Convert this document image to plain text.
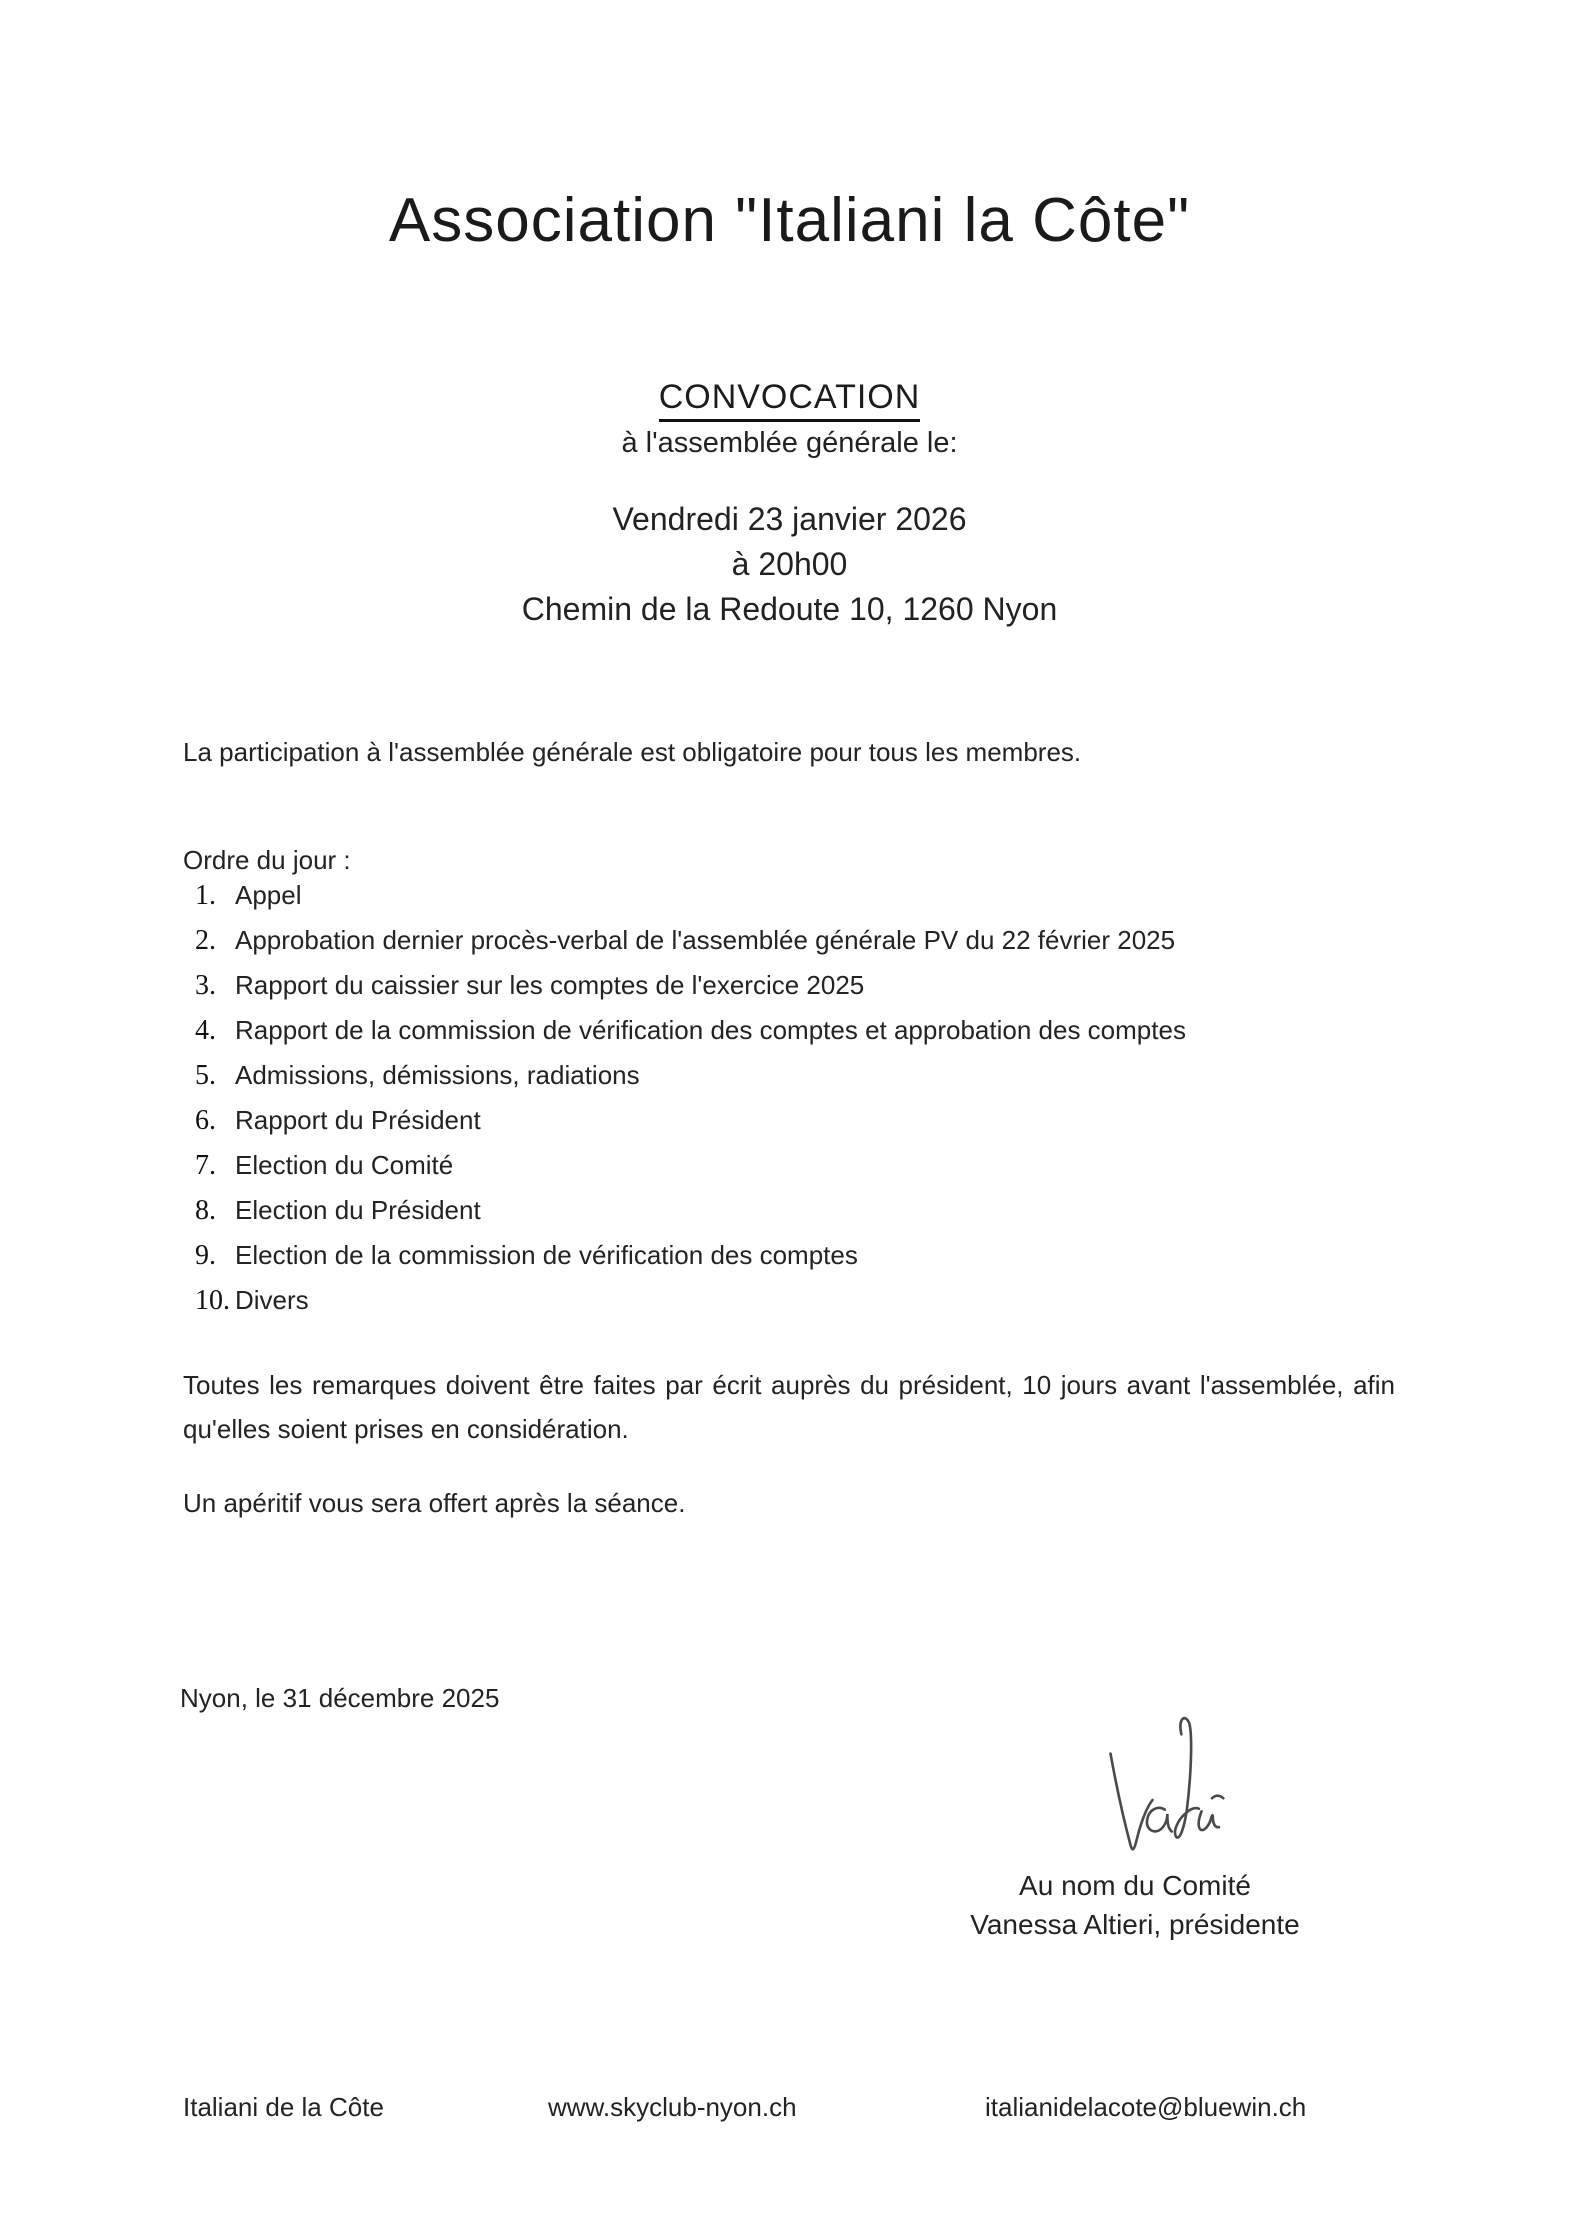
Association "Italiani la Côte"
CONVOCATION
à l'assemblée générale le:
Vendredi 23 janvier 2026
à 20h00
Chemin de la Redoute 10, 1260 Nyon
La participation à l'assemblée générale est obligatoire pour tous les membres.
Ordre du jour :
1. Appel
2. Approbation dernier procès-verbal de l'assemblée générale PV du 22 février 2025
3. Rapport du caissier sur les comptes de l'exercice 2025
4. Rapport de la commission de vérification des comptes et approbation des comptes
5. Admissions, démissions, radiations
6. Rapport du Président
7. Election du Comité
8. Election du Président
9. Election de la commission de vérification des comptes
10. Divers
Toutes les remarques doivent être faites par écrit auprès du président, 10 jours avant l'assemblée, afin qu'elles soient prises en considération.
Un apéritif vous sera offert après la séance.
Nyon, le 31 décembre 2025
Au nom du Comité
Vanessa Altieri, présidente
Italiani de la Côte	www.skyclub-nyon.ch	italianidelacote@bluewin.ch
